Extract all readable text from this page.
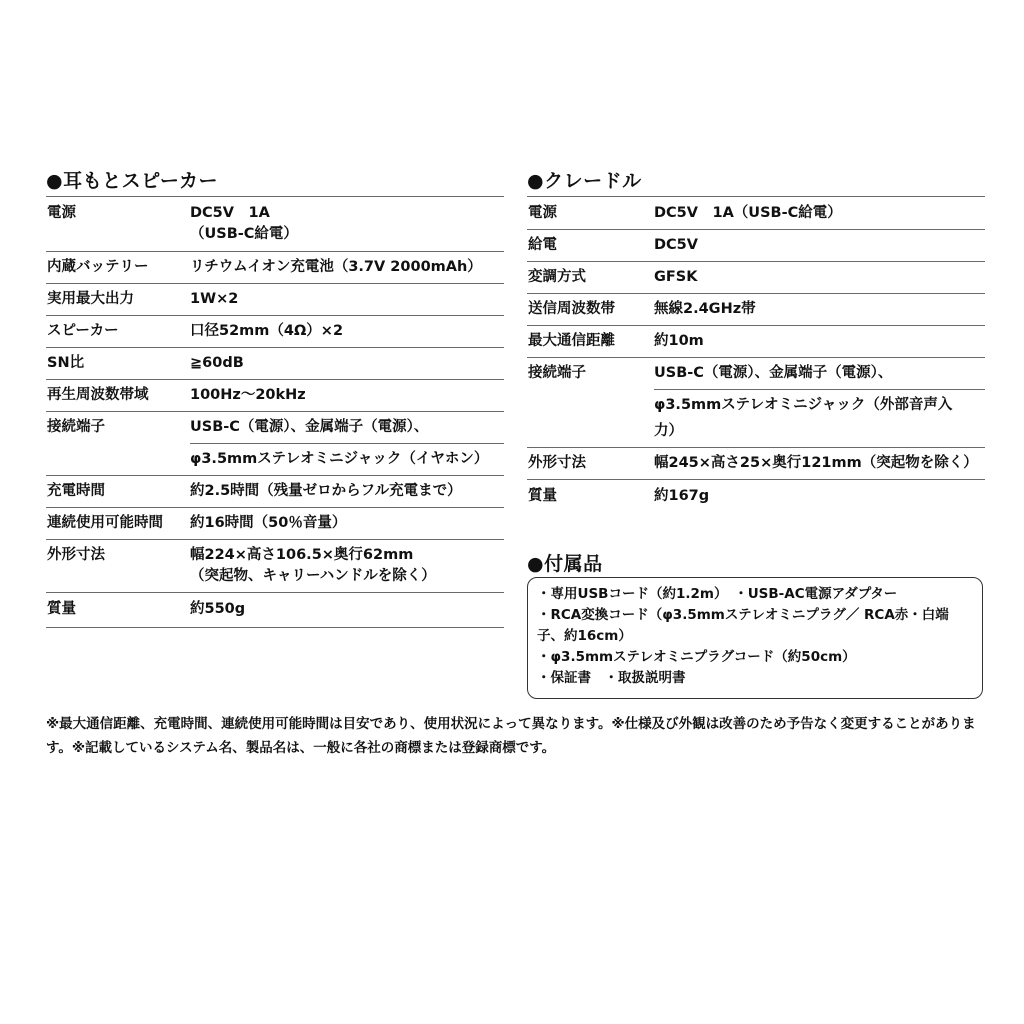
●耳もとスピーカー
電源	DC5V　1A
（USB-C給電）

内蔵バッテリー	リチウムイオン充電池（3.7V 2000mAh）
実用最大出力	1W×2
スピーカー	口径52mm（4Ω）×2
SN比	≧60dB
再生周波数帯域	100Hz〜20kHz
接続端子	USB-C（電源）、金属端子（電源）、
φ3.5mmステレオミニジャック（イヤホン）

充電時間	約2.5時間（残量ゼロからフル充電まで）
連続使用可能時間	約16時間（50％音量）
外形寸法	幅224×高さ106.5×奥行62mm
（突起物、キャリーハンドルを除く）

質量	約550g
●クレードル
電源	DC5V　1A（USB-C給電）
給電	DC5V
変調方式	GFSK
送信周波数帯	無線2.4GHz帯
最大通信距離	約10m
接続端子	USB-C（電源）、金属端子（電源）、
φ3.5mmステレオミニジャック（外部音声入
力）

外形寸法	幅245×高さ25×奥行121mm（突起物を除く）
質量	約167g
●付属品
・専用USBコード（約1.2m）　・USB-AC電源アダプター
・RCA変換コード（φ3.5mmステレオミニプラグ／ RCA赤・白端子、約16cm）
・φ3.5mmステレオミニプラグコード（約50cm）
・保証書　・取扱説明書

※最大通信距離、充電時間、連続使用可能時間は目安であり、使用状況によって異なります。※仕様及び外観は改善のため予告なく変更することがあります。※記載しているシステム名、製品名は、一般に各社の商標または登録商標です。
